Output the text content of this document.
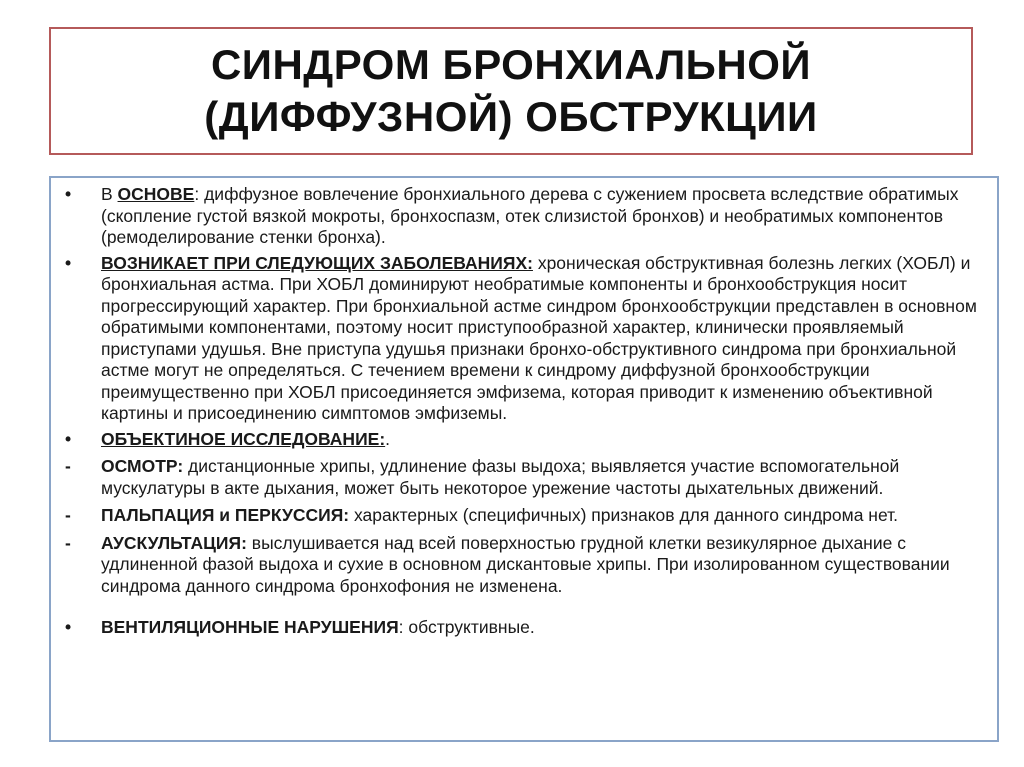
СИНДРОМ БРОНХИАЛЬНОЙ
(ДИФФУЗНОЙ) ОБСТРУКЦИИ
•	В ОСНОВЕ: диффузное вовлечение бронхиального дерева с сужением просвета вследствие обратимых (скопление густой вязкой мокроты, бронхоспазм, отек слизистой бронхов) и необратимых компонентов (ремоделирование стенки бронха).
•	ВОЗНИКАЕТ ПРИ СЛЕДУЮЩИХ ЗАБОЛЕВАНИЯХ: хроническая обструктивная болезнь легких (ХОБЛ) и бронхиальная астма. При ХОБЛ доминируют необратимые компоненты и бронхообструкция носит прогрессирующий характер. При бронхиальной астме синдром бронхообструкции представлен в основном обратимыми компонентами, поэтому носит приступообразной характер, клинически проявляемый приступами удушья. Вне приступа удушья признаки бронхо-обструктивного синдрома при бронхиальной астме могут не определяться. С течением времени к синдрому диффузной бронхообструкции преимущественно при ХОБЛ присоединяется эмфизема, которая приводит к изменению объективной картины и присоединению симптомов эмфиземы.
•	ОБЪЕКТИНОЕ ИССЛЕДОВАНИЕ:.
-	ОСМОТР: дистанционные хрипы, удлинение фазы выдоха; выявляется участие вспомогательной мускулатуры в акте дыхания, может быть некоторое урежение частоты дыхательных движений.
-	ПАЛЬПАЦИЯ и ПЕРКУССИЯ: характерных (специфичных) признаков для данного синдрома нет.
-	АУСКУЛЬТАЦИЯ: выслушивается над всей поверхностью грудной клетки везикулярное дыхание с удлиненной фазой выдоха и сухие в основном дискантовые хрипы. При изолированном существовании синдрома данного синдрома бронхофония не изменена.
•	ВЕНТИЛЯЦИОННЫЕ НАРУШЕНИЯ: обструктивные.
